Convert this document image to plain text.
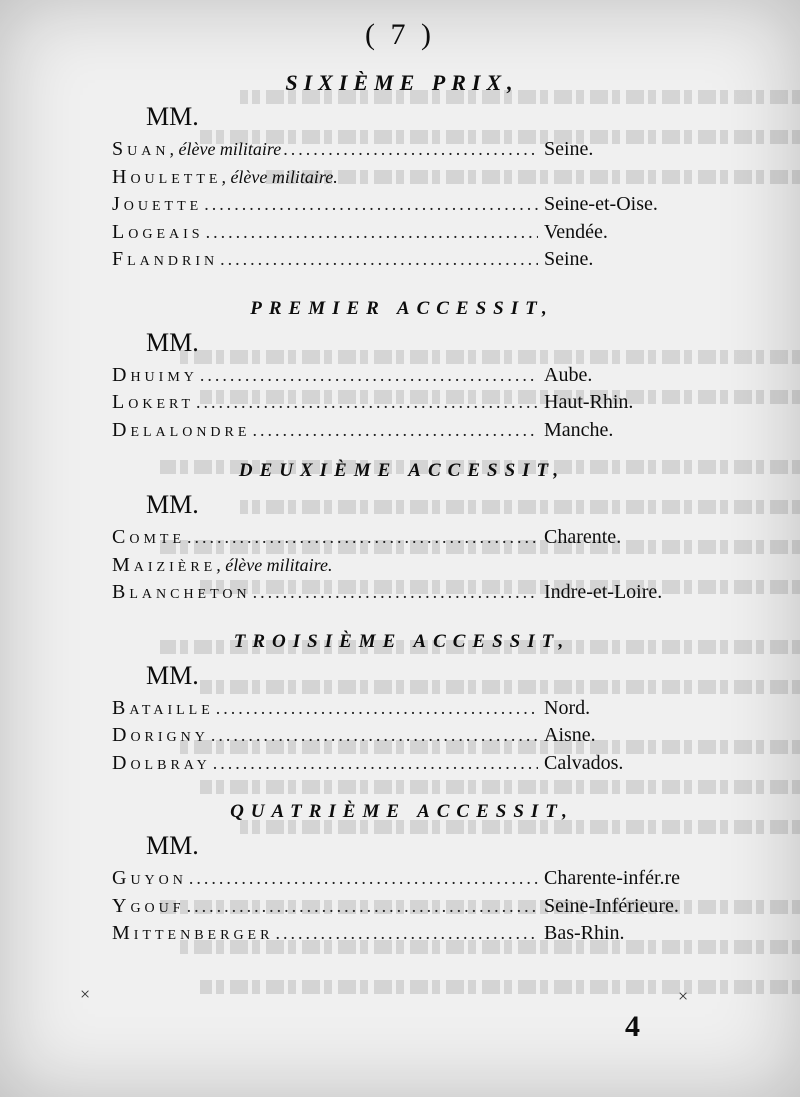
( 7 )
SIXIÈME PRIX,
MM.
Suan , élève militaire .....	Seine.
Houlette , élève militaire.
Jouette .....	Seine-et-Oise.
Logeais .....	Vendée.
Flandrin .....	Seine.
PREMIER ACCESSIT,
MM.
Dhuimy .....	Aube.
Lokert .....	Haut-Rhin.
Delalondre .....	Manche.
DEUXIÈME ACCESSIT,
MM.
Comte .....	Charente.
Maizière , élève militaire.
Blancheton .....	Indre-et-Loire.
TROISIÈME ACCESSIT,
MM.
Bataille .....	Nord.
Dorigny .....	Aisne.
Dolbray .....	Calvados.
QUATRIÈME ACCESSIT,
MM.
Guyon .....	Charente-infér.re
Ygouf .....	Seine-Inférieure.
Mittenberger .....	Bas-Rhin.
×	×
4
